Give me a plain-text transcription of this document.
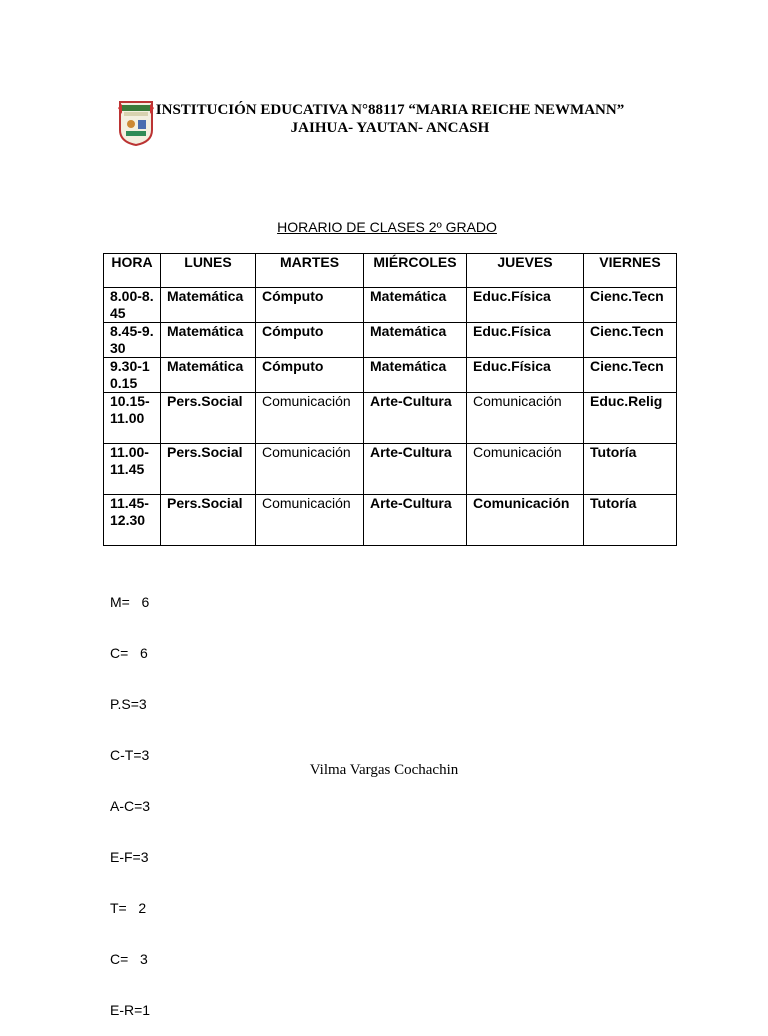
INSTITUCIÓN EDUCATIVA N°88117 “MARIA REICHE NEWMANN”
JAIHUA- YAUTAN- ANCASH
HORARIO DE CLASES 2º GRADO
HORA	LUNES	MARTES	MIÉRCOLES	JUEVES	VIERNES
8.00-8.45	Matemática	Cómputo	Matemática	Educ.Física	Cienc.Tecn
8.45-9.30	Matemática	Cómputo	Matemática	Educ.Física	Cienc.Tecn
9.30-10.15	Matemática	Cómputo	Matemática	Educ.Física	Cienc.Tecn
10.15-11.00	Pers.Social	Comunicación	Arte-Cultura	Comunicación	Educ.Relig
11.00-11.45	Pers.Social	Comunicación	Arte-Cultura	Comunicación	Tutoría
11.45-12.30	Pers.Social	Comunicación	Arte-Cultura	Comunicación	Tutoría

M=   6

C=   6

P.S=3

C-T=3

A-C=3

E-F=3

T=   2

C=   3

E-R=1

Vilma Vargas Cochachin
